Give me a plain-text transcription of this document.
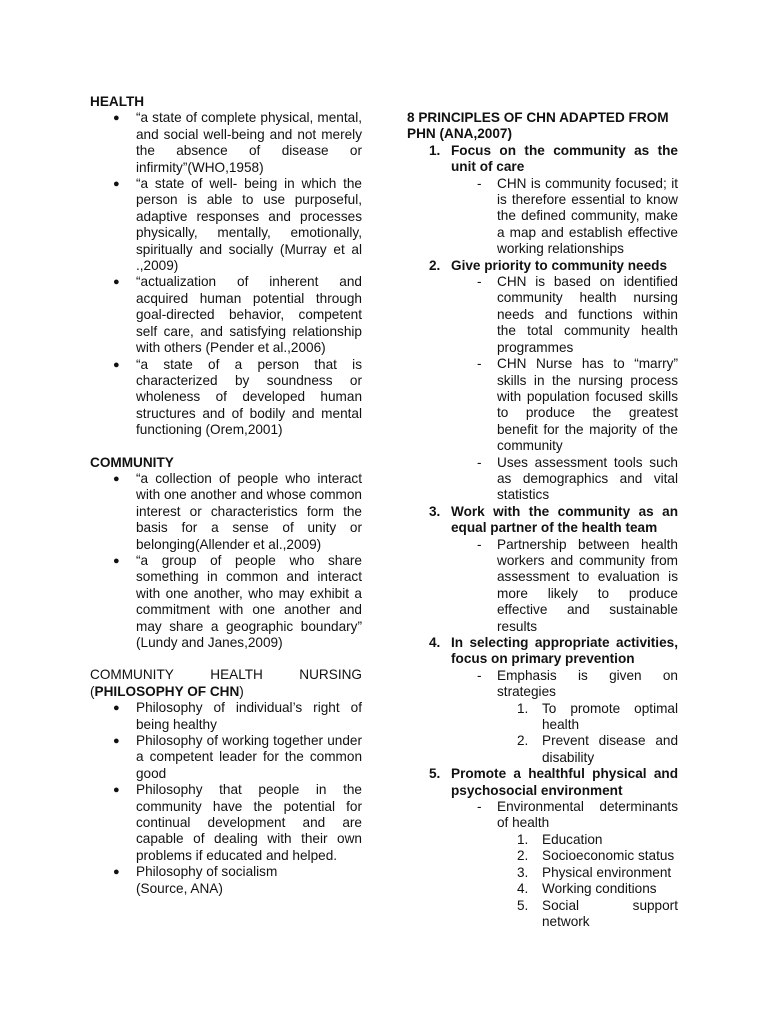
HEALTH

● “a state of complete physical, mental, and social well-being and not merely the absence of disease or infirmity”(WHO,1958)
● “a state of well- being in which the person is able to use purposeful, adaptive responses and processes physically, mentally, emotionally, spiritually and socially (Murray et al .,2009)
● “actualization of inherent and acquired human potential through goal-directed behavior, competent self care, and satisfying relationship with others (Pender et al.,2006)
● “a state of a person that is characterized by soundness or wholeness of developed human structures and of bodily and mental functioning (Orem,2001)

COMMUNITY

● “a collection of people who interact with one another and whose common interest or characteristics form the basis for a sense of unity or belonging(Allender et al.,2009)
● “a group of people who share something in common and interact with one another, who may exhibit a commitment with one another and may share a geographic boundary” (Lundy and Janes,2009)
COMMUNITY	HEALTH	NURSING
(PHILOSOPHY OF CHN)
● Philosophy of individual’s right of being healthy
● Philosophy of working together under a competent leader for the common good
● Philosophy that people in the community have the potential for continual development and are capable of dealing with their own problems if educated and helped.
● Philosophy of socialism
(Source, ANA)

8 PRINCIPLES OF CHN ADAPTED FROM PHN (ANA,2007)

1. Focus on the community as the unit of care
- CHN is community focused; it is therefore essential to know the defined community, make a map and establish effective working relationships
2. Give priority to community needs
- CHN is based on identified community health nursing needs and functions within the total community health programmes
- CHN Nurse has to “marry” skills in the nursing process with population focused skills to produce the greatest benefit for the majority of the community
- Uses assessment tools such as demographics and vital statistics
3. Work with the community as an equal partner of the health team
- Partnership between health workers and community from assessment to evaluation is more likely to produce effective and sustainable results
4. In selecting appropriate activities, focus on primary prevention
- Emphasis is given on strategies
1. To promote optimal health
2. Prevent disease and disability
5. Promote a healthful physical and psychosocial environment
- Environmental determinants of health
1. Education
2. Socioeconomic status
3. Physical environment
4. Working conditions
5. Social support network
